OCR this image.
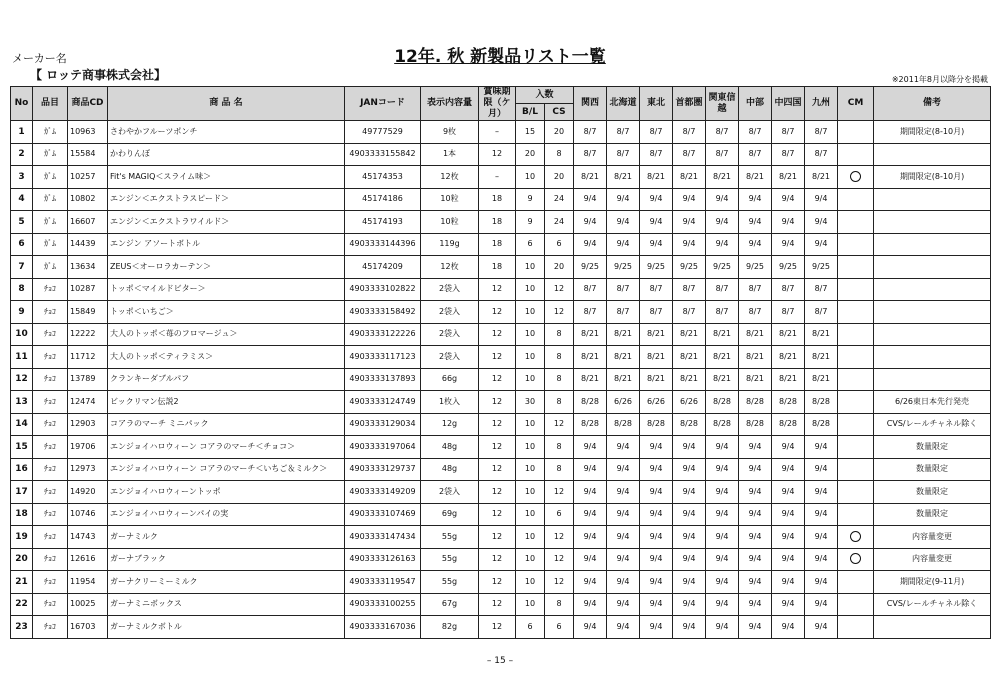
メーカー名	12年. 秋 新製品リスト一覧
【 ロッテ商事株式会社】	※2011年8月以降分を掲載
No	品目	商品CD	商 品 名	JANコード	表示内容量	賞味期限（ケ月）	入数		関西	北海道	東北	首都圏	関東信越	中部	中四国	九州	CM	備考
							B/L	CS										
1	ｶﾞﾑ	10963	さわやかフルーツポンチ	49777529	9枚	–	15	20	8/7	8/7	8/7	8/7	8/7	8/7	8/7	8/7		期間限定(8-10月)
2	ｶﾞﾑ	15584	かわりんぼ	4903333155842	1本	12	20	8	8/7	8/7	8/7	8/7	8/7	8/7	8/7	8/7		
3	ｶﾞﾑ	10257	Fit's MAGIQ＜スライム味＞	45174353	12枚	–	10	20	8/21	8/21	8/21	8/21	8/21	8/21	8/21	8/21		期間限定(8-10月)
4	ｶﾞﾑ	10802	エンジン＜エクストラスピード＞	45174186	10粒	18	9	24	9/4	9/4	9/4	9/4	9/4	9/4	9/4	9/4		
5	ｶﾞﾑ	16607	エンジン＜エクストラワイルド＞	45174193	10粒	18	9	24	9/4	9/4	9/4	9/4	9/4	9/4	9/4	9/4		
6	ｶﾞﾑ	14439	エンジン アソートボトル	4903333144396	119g	18	6	6	9/4	9/4	9/4	9/4	9/4	9/4	9/4	9/4		
7	ｶﾞﾑ	13634	ZEUS＜オーロラカーテン＞	45174209	12枚	18	10	20	9/25	9/25	9/25	9/25	9/25	9/25	9/25	9/25		
8	ﾁｮｺ	10287	トッポ＜マイルドビター＞	4903333102822	2袋入	12	10	12	8/7	8/7	8/7	8/7	8/7	8/7	8/7	8/7		
9	ﾁｮｺ	15849	トッポ＜いちご＞	4903333158492	2袋入	12	10	12	8/7	8/7	8/7	8/7	8/7	8/7	8/7	8/7		
10	ﾁｮｺ	12222	大人のトッポ＜苺のフロマージュ＞	4903333122226	2袋入	12	10	8	8/21	8/21	8/21	8/21	8/21	8/21	8/21	8/21		
11	ﾁｮｺ	11712	大人のトッポ＜ティラミス＞	4903333117123	2袋入	12	10	8	8/21	8/21	8/21	8/21	8/21	8/21	8/21	8/21		
12	ﾁｮｺ	13789	クランキーダブルパフ	4903333137893	66g	12	10	8	8/21	8/21	8/21	8/21	8/21	8/21	8/21	8/21		
13	ﾁｮｺ	12474	ビックリマン伝説2	4903333124749	1枚入	12	30	8	8/28	6/26	6/26	6/26	8/28	8/28	8/28	8/28		6/26東日本先行発売
14	ﾁｮｺ	12903	コアラのマーチ ミニパック	4903333129034	12g	12	10	12	8/28	8/28	8/28	8/28	8/28	8/28	8/28	8/28		CVS/レールチャネル除く
15	ﾁｮｺ	19706	エンジョイハロウィーン コアラのマーチ＜チョコ＞	4903333197064	48g	12	10	8	9/4	9/4	9/4	9/4	9/4	9/4	9/4	9/4		数量限定
16	ﾁｮｺ	12973	エンジョイハロウィーン コアラのマーチ＜いちご＆ミルク＞	4903333129737	48g	12	10	8	9/4	9/4	9/4	9/4	9/4	9/4	9/4	9/4		数量限定
17	ﾁｮｺ	14920	エンジョイハロウィーントッポ	4903333149209	2袋入	12	10	12	9/4	9/4	9/4	9/4	9/4	9/4	9/4	9/4		数量限定
18	ﾁｮｺ	10746	エンジョイハロウィーンパイの実	4903333107469	69g	12	10	6	9/4	9/4	9/4	9/4	9/4	9/4	9/4	9/4		数量限定
19	ﾁｮｺ	14743	ガーナミルク	4903333147434	55g	12	10	12	9/4	9/4	9/4	9/4	9/4	9/4	9/4	9/4		内容量変更
20	ﾁｮｺ	12616	ガーナブラック	4903333126163	55g	12	10	12	9/4	9/4	9/4	9/4	9/4	9/4	9/4	9/4		内容量変更
21	ﾁｮｺ	11954	ガーナクリーミーミルク	4903333119547	55g	12	10	12	9/4	9/4	9/4	9/4	9/4	9/4	9/4	9/4		期間限定(9-11月)
22	ﾁｮｺ	10025	ガーナミニボックス	4903333100255	67g	12	10	8	9/4	9/4	9/4	9/4	9/4	9/4	9/4	9/4		CVS/レールチャネル除く
23	ﾁｮｺ	16703	ガーナミルクボトル	4903333167036	82g	12	6	6	9/4	9/4	9/4	9/4	9/4	9/4	9/4	9/4		
– 15 –
